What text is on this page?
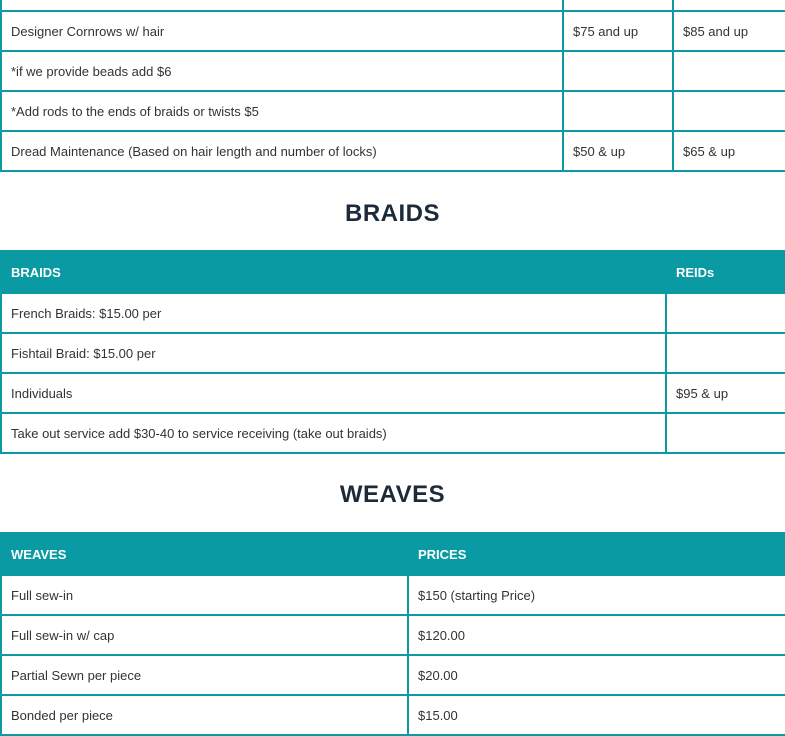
Designer Cornrows w/ hair	$75 and up	$85 and up
*if we provide beads add $6		
*Add rods to the ends of braids or twists $5		
Dread Maintenance (Based on hair length and number of locks)	$50 & up	$65 & up
BRAIDS
BRAIDS	REIDs
French Braids: $15.00 per	
Fishtail Braid: $15.00 per	
Individuals	$95 & up
Take out service add $30-40 to service receiving (take out braids)	
WEAVES
WEAVES	PRICES
Full sew-in	$150 (starting Price)
Full sew-in w/ cap	$120.00
Partial Sewn per piece	$20.00
Bonded per piece	$15.00
